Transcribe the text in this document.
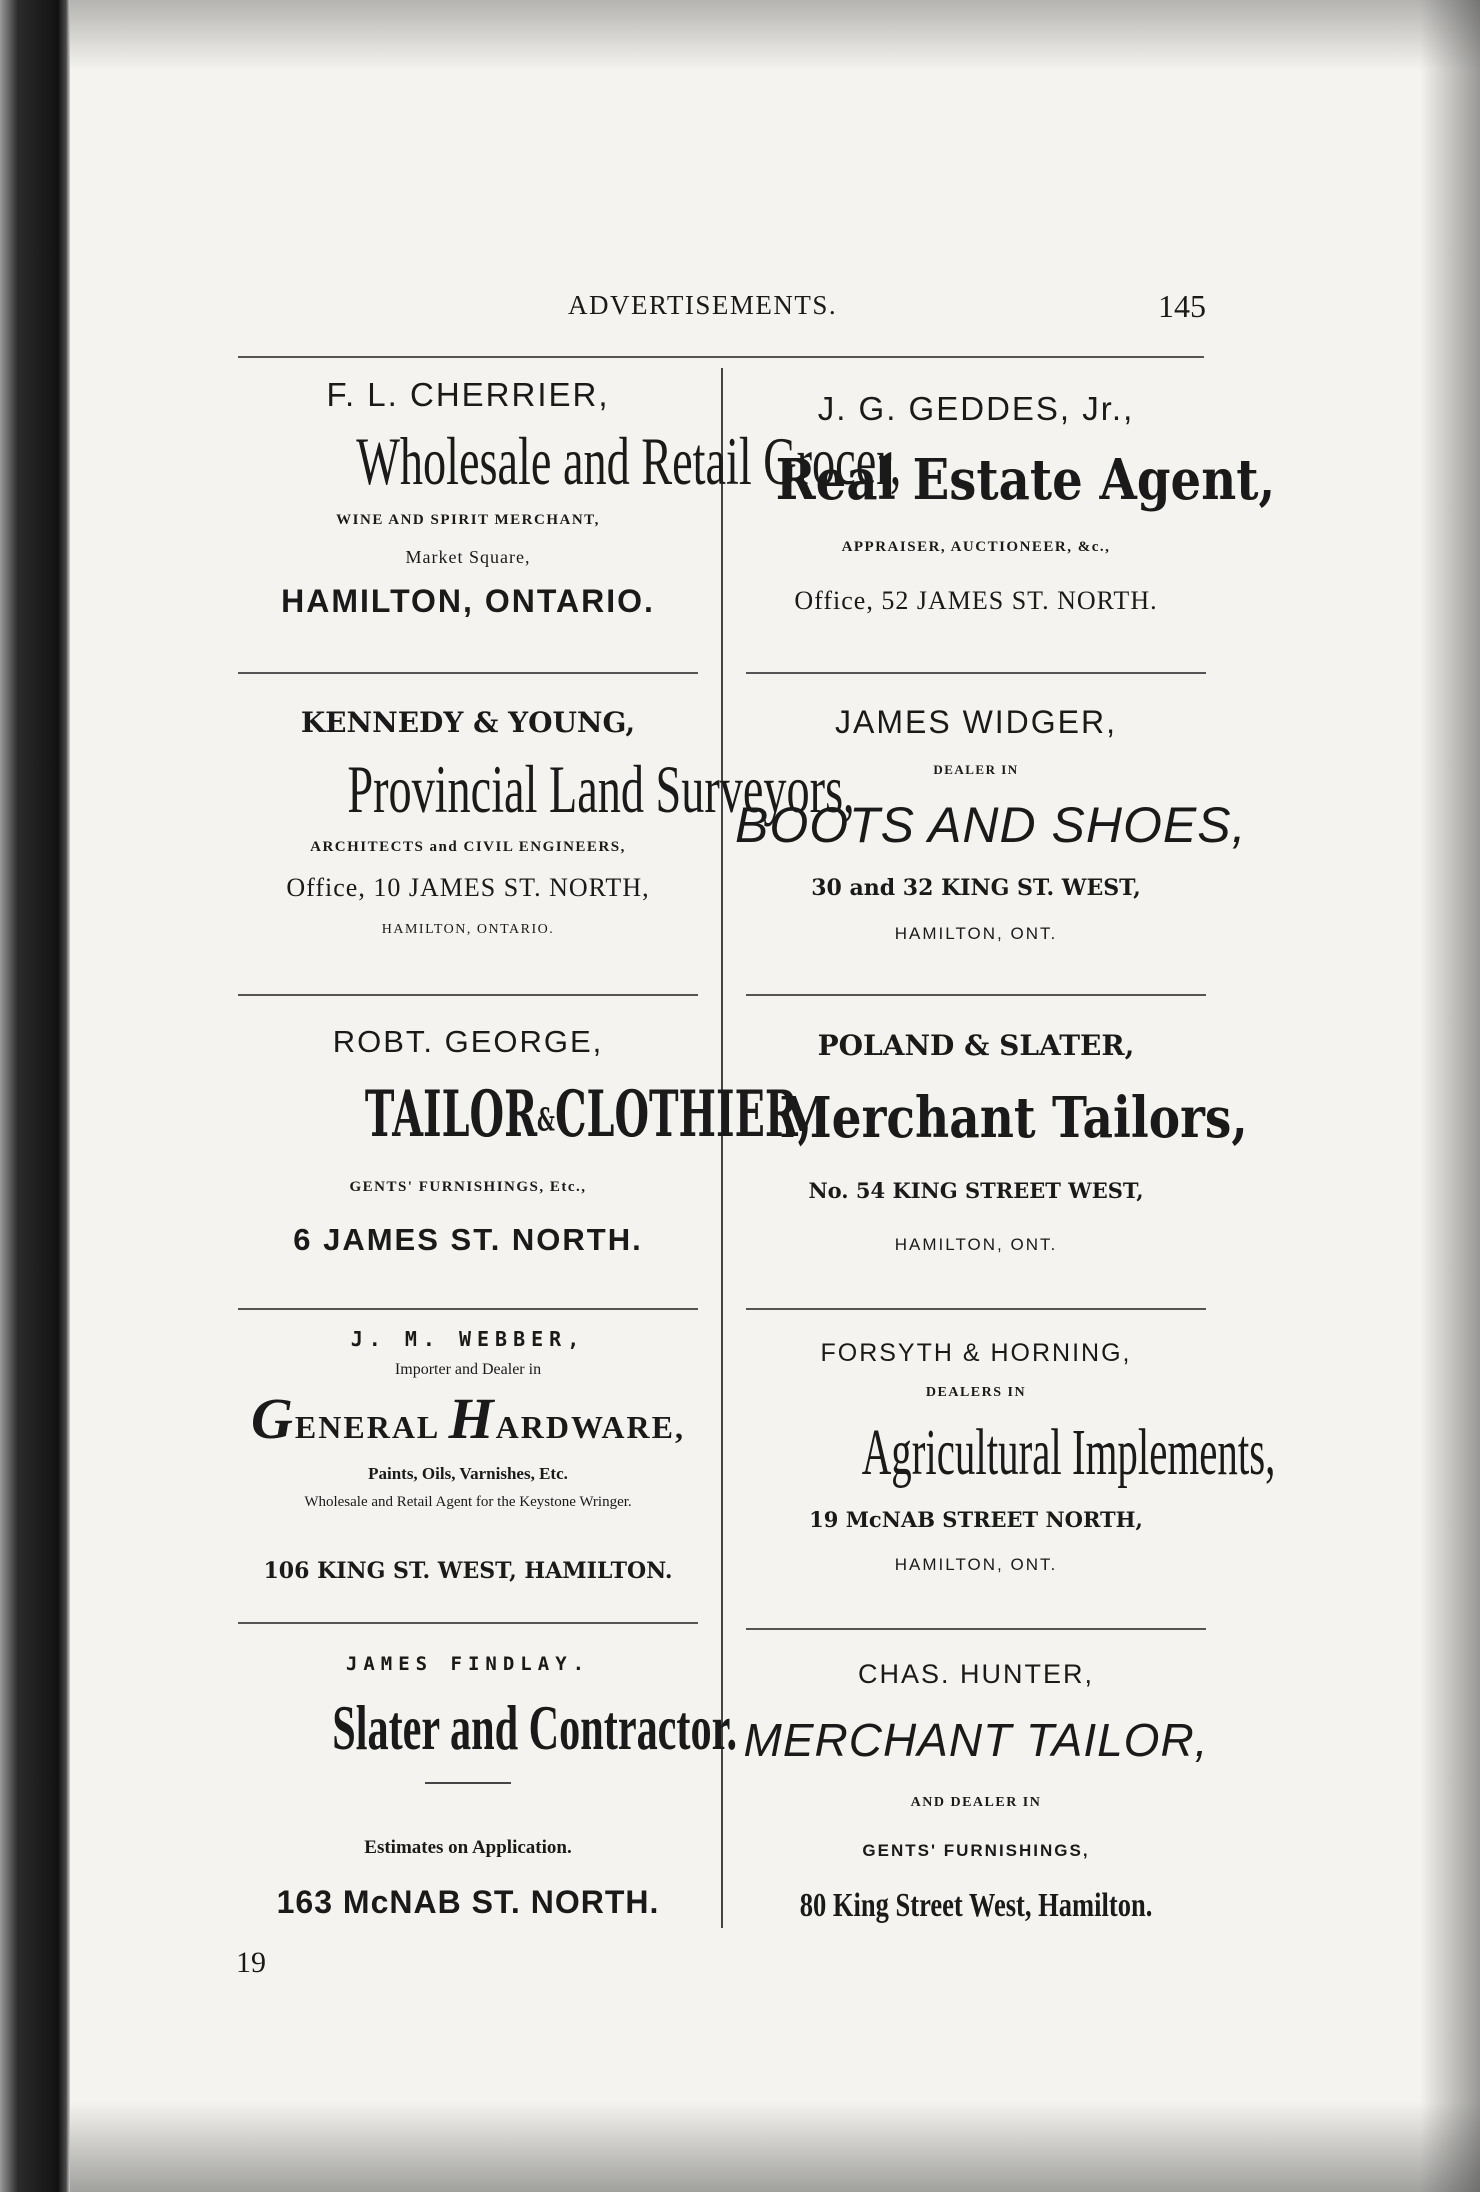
ADVERTISEMENTS.	145
F. L. CHERRIER,
Wholesale and Retail Grocer,
WINE AND SPIRIT MERCHANT,
Market Square,
HAMILTON, ONTARIO.
KENNEDY & YOUNG,
Provincial Land Surveyors,
ARCHITECTS and CIVIL ENGINEERS,
Office, 10 JAMES ST. NORTH,
HAMILTON, ONTARIO.
ROBT. GEORGE,
TAILOR&CLOTHIER,
GENTS' FURNISHINGS, Etc.,
6 JAMES ST. NORTH.
J. M. WEBBER,
Importer and Dealer in
GENERAL HARDWARE,
Paints, Oils, Varnishes, Etc.
Wholesale and Retail Agent for the Keystone Wringer.
106 KING ST. WEST, HAMILTON.
JAMES FINDLAY.
Slater and Contractor.
Estimates on Application.
163 McNAB ST. NORTH.
J. G. GEDDES, Jr.,
Real Estate Agent,
APPRAISER, AUCTIONEER, &c.,
Office, 52 JAMES ST. NORTH.
JAMES WIDGER,
DEALER IN
BOOTS AND SHOES,
30 and 32 KING ST. WEST,
HAMILTON, ONT.
POLAND & SLATER,
Merchant Tailors,
No. 54 KING STREET WEST,
HAMILTON, ONT.
FORSYTH & HORNING,
DEALERS IN
Agricultural Implements,
19 McNAB STREET NORTH,
HAMILTON, ONT.
CHAS. HUNTER,
MERCHANT TAILOR,
AND DEALER IN
GENTS' FURNISHINGS,
80 King Street West, Hamilton.
19
